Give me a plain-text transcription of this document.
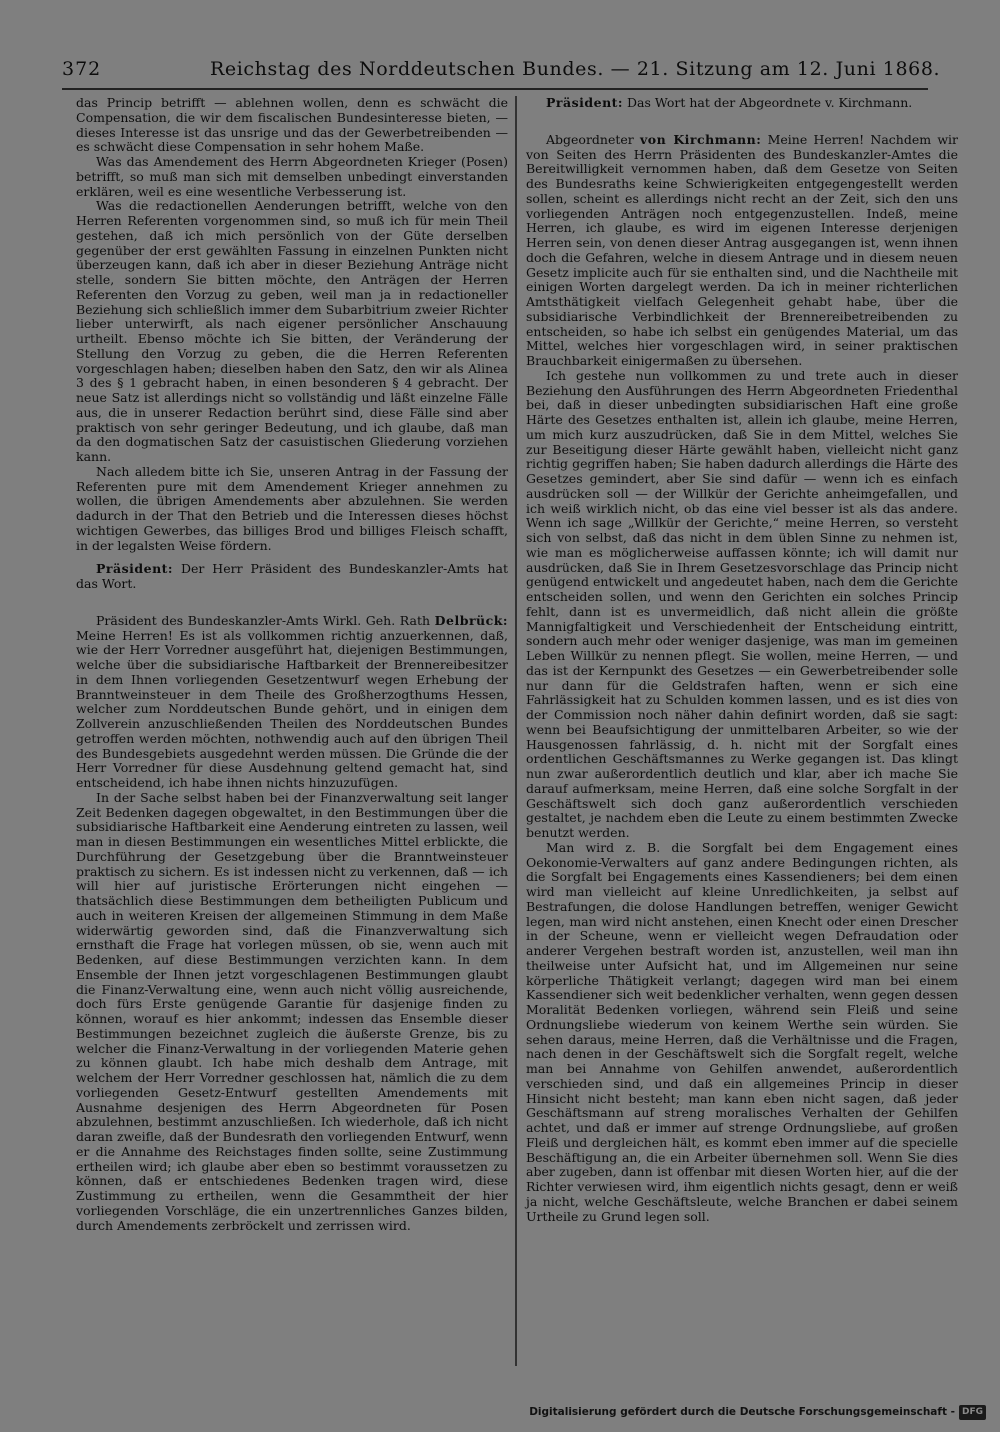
372	Reichstag des Norddeutschen Bundes. — 21. Sitzung am 12. Juni 1868.

das Princip betrifft — ablehnen wollen, denn es schwächt die Compensation, die wir dem fiscalischen Bundesinteresse bieten, — dieses Interesse ist das unsrige und das der Gewerbetreibenden — es schwächt diese Compensation in sehr hohem Maße.

Was das Amendement des Herrn Abgeordneten Krieger (Posen) betrifft, so muß man sich mit demselben unbedingt einverstanden erklären, weil es eine wesentliche Verbesserung ist.

Was die redactionellen Aenderungen betrifft, welche von den Herren Referenten vorgenommen sind, so muß ich für mein Theil gestehen, daß ich mich persönlich von der Güte derselben gegenüber der erst gewählten Fassung in einzelnen Punkten nicht überzeugen kann, daß ich aber in dieser Beziehung Anträge nicht stelle, sondern Sie bitten möchte, den Anträgen der Herren Referenten den Vorzug zu geben, weil man ja in redactioneller Beziehung sich schließlich immer dem Subarbitrium zweier Richter lieber unterwirft, als nach eigener persönlicher Anschauung urtheilt. Ebenso möchte ich Sie bitten, der Veränderung der Stellung den Vorzug zu geben, die die Herren Referenten vorgeschlagen haben; dieselben haben den Satz, den wir als Alinea 3 des § 1 gebracht haben, in einen besonderen § 4 gebracht. Der neue Satz ist allerdings nicht so vollständig und läßt einzelne Fälle aus, die in unserer Redaction berührt sind, diese Fälle sind aber praktisch von sehr geringer Bedeutung, und ich glaube, daß man da den dogmatischen Satz der casuistischen Gliederung vorziehen kann.

Nach alledem bitte ich Sie, unseren Antrag in der Fassung der Referenten pure mit dem Amendement Krieger annehmen zu wollen, die übrigen Amendements aber abzulehnen. Sie werden dadurch in der That den Betrieb und die Interessen dieses höchst wichtigen Gewerbes, das billiges Brod und billiges Fleisch schafft, in der legalsten Weise fördern.

Präsident: Der Herr Präsident des Bundeskanzler-Amts hat das Wort.

Präsident des Bundeskanzler-Amts Wirkl. Geh. Rath Delbrück: Meine Herren! Es ist als vollkommen richtig anzuerkennen, daß, wie der Herr Vorredner ausgeführt hat, diejenigen Bestimmungen, welche über die subsidiarische Haftbarkeit der Brennereibesitzer in dem Ihnen vorliegenden Gesetzentwurf wegen Erhebung der Branntweinsteuer in dem Theile des Großherzogthums Hessen, welcher zum Norddeutschen Bunde gehört, und in einigen dem Zollverein anzuschließenden Theilen des Norddeutschen Bundes getroffen werden möchten, nothwendig auch auf den übrigen Theil des Bundesgebiets ausgedehnt werden müssen. Die Gründe die der Herr Vorredner für diese Ausdehnung geltend gemacht hat, sind entscheidend, ich habe ihnen nichts hinzuzufügen.

In der Sache selbst haben bei der Finanzverwaltung seit langer Zeit Bedenken dagegen obgewaltet, in den Bestimmungen über die subsidiarische Haftbarkeit eine Aenderung eintreten zu lassen, weil man in diesen Bestimmungen ein wesentliches Mittel erblickte, die Durchführung der Gesetzgebung über die Branntweinsteuer praktisch zu sichern. Es ist indessen nicht zu verkennen, daß — ich will hier auf juristische Erörterungen nicht eingehen — thatsächlich diese Bestimmungen dem betheiligten Publicum und auch in weiteren Kreisen der allgemeinen Stimmung in dem Maße widerwärtig geworden sind, daß die Finanzverwaltung sich ernsthaft die Frage hat vorlegen müssen, ob sie, wenn auch mit Bedenken, auf diese Bestimmungen verzichten kann. In dem Ensemble der Ihnen jetzt vorgeschlagenen Bestimmungen glaubt die Finanz-Verwaltung eine, wenn auch nicht völlig ausreichende, doch fürs Erste genügende Garantie für dasjenige finden zu können, worauf es hier ankommt; indessen das Ensemble dieser Bestimmungen bezeichnet zugleich die äußerste Grenze, bis zu welcher die Finanz-Verwaltung in der vorliegenden Materie gehen zu können glaubt. Ich habe mich deshalb dem Antrage, mit welchem der Herr Vorredner geschlossen hat, nämlich die zu dem vorliegenden Gesetz-Entwurf gestellten Amendements mit Ausnahme desjenigen des Herrn Abgeordneten für Posen abzulehnen, bestimmt anzuschließen. Ich wiederhole, daß ich nicht daran zweifle, daß der Bundesrath den vorliegenden Entwurf, wenn er die Annahme des Reichstages finden sollte, seine Zustimmung ertheilen wird; ich glaube aber eben so bestimmt voraussetzen zu können, daß er entschiedenes Bedenken tragen wird, diese Zustimmung zu ertheilen, wenn die Gesammtheit der hier vorliegenden Vorschläge, die ein unzertrennliches Ganzes bilden, durch Amendements zerbröckelt und zerrissen wird.

Präsident: Das Wort hat der Abgeordnete v. Kirchmann.

Abgeordneter von Kirchmann: Meine Herren! Nachdem wir von Seiten des Herrn Präsidenten des Bundeskanzler-Amtes die Bereitwilligkeit vernommen haben, daß dem Gesetze von Seiten des Bundesraths keine Schwierigkeiten entgegengestellt werden sollen, scheint es allerdings nicht recht an der Zeit, sich den uns vorliegenden Anträgen noch entgegenzustellen. Indeß, meine Herren, ich glaube, es wird im eigenen Interesse derjenigen Herren sein, von denen dieser Antrag ausgegangen ist, wenn ihnen doch die Gefahren, welche in diesem Antrage und in diesem neuen Gesetz implicite auch für sie enthalten sind, und die Nachtheile mit einigen Worten dargelegt werden. Da ich in meiner richterlichen Amtsthätigkeit vielfach Gelegenheit gehabt habe, über die subsidiarische Verbindlichkeit der Brennereibetreibenden zu entscheiden, so habe ich selbst ein genügendes Material, um das Mittel, welches hier vorgeschlagen wird, in seiner praktischen Brauchbarkeit einigermaßen zu übersehen.

Ich gestehe nun vollkommen zu und trete auch in dieser Beziehung den Ausführungen des Herrn Abgeordneten Friedenthal bei, daß in dieser unbedingten subsidiarischen Haft eine große Härte des Gesetzes enthalten ist, allein ich glaube, meine Herren, um mich kurz auszudrücken, daß Sie in dem Mittel, welches Sie zur Beseitigung dieser Härte gewählt haben, vielleicht nicht ganz richtig gegriffen haben; Sie haben dadurch allerdings die Härte des Gesetzes gemindert, aber Sie sind dafür — wenn ich es einfach ausdrücken soll — der Willkür der Gerichte anheimgefallen, und ich weiß wirklich nicht, ob das eine viel besser ist als das andere. Wenn ich sage „Willkür der Gerichte,“ meine Herren, so versteht sich von selbst, daß das nicht in dem üblen Sinne zu nehmen ist, wie man es möglicherweise auffassen könnte; ich will damit nur ausdrücken, daß Sie in Ihrem Gesetzesvorschlage das Princip nicht genügend entwickelt und angedeutet haben, nach dem die Gerichte entscheiden sollen, und wenn den Gerichten ein solches Princip fehlt, dann ist es unvermeidlich, daß nicht allein die größte Mannigfaltigkeit und Verschiedenheit der Entscheidung eintritt, sondern auch mehr oder weniger dasjenige, was man im gemeinen Leben Willkür zu nennen pflegt. Sie wollen, meine Herren, — und das ist der Kernpunkt des Gesetzes — ein Gewerbetreibender solle nur dann für die Geldstrafen haften, wenn er sich eine Fahrlässigkeit hat zu Schulden kommen lassen, und es ist dies von der Commission noch näher dahin definirt worden, daß sie sagt: wenn bei Beaufsichtigung der unmittelbaren Arbeiter, so wie der Hausgenossen fahrlässig, d. h. nicht mit der Sorgfalt eines ordentlichen Geschäftsmannes zu Werke gegangen ist. Das klingt nun zwar außerordentlich deutlich und klar, aber ich mache Sie darauf aufmerksam, meine Herren, daß eine solche Sorgfalt in der Geschäftswelt sich doch ganz außerordentlich verschieden gestaltet, je nachdem eben die Leute zu einem bestimmten Zwecke benutzt werden.

Man wird z. B. die Sorgfalt bei dem Engagement eines Oekonomie-Verwalters auf ganz andere Bedingungen richten, als die Sorgfalt bei Engagements eines Kassendieners; bei dem einen wird man vielleicht auf kleine Unredlichkeiten, ja selbst auf Bestrafungen, die dolose Handlungen betreffen, weniger Gewicht legen, man wird nicht anstehen, einen Knecht oder einen Drescher in der Scheune, wenn er vielleicht wegen Defraudation oder anderer Vergehen bestraft worden ist, anzustellen, weil man ihn theilweise unter Aufsicht hat, und im Allgemeinen nur seine körperliche Thätigkeit verlangt; dagegen wird man bei einem Kassendiener sich weit bedenklicher verhalten, wenn gegen dessen Moralität Bedenken vorliegen, während sein Fleiß und seine Ordnungsliebe wiederum von keinem Werthe sein würden. Sie sehen daraus, meine Herren, daß die Verhältnisse und die Fragen, nach denen in der Geschäftswelt sich die Sorgfalt regelt, welche man bei Annahme von Gehilfen anwendet, außerordentlich verschieden sind, und daß ein allgemeines Princip in dieser Hinsicht nicht besteht; man kann eben nicht sagen, daß jeder Geschäftsmann auf streng moralisches Verhalten der Gehilfen achtet, und daß er immer auf strenge Ordnungsliebe, auf großen Fleiß und dergleichen hält, es kommt eben immer auf die specielle Beschäftigung an, die ein Arbeiter übernehmen soll. Wenn Sie dies aber zugeben, dann ist offenbar mit diesen Worten hier, auf die der Richter verwiesen wird, ihm eigentlich nichts gesagt, denn er weiß ja nicht, welche Geschäftsleute, welche Branchen er dabei seinem Urtheile zu Grund legen soll.

Digitalisierung gefördert durch die Deutsche Forschungsgemeinschaft - DFG
